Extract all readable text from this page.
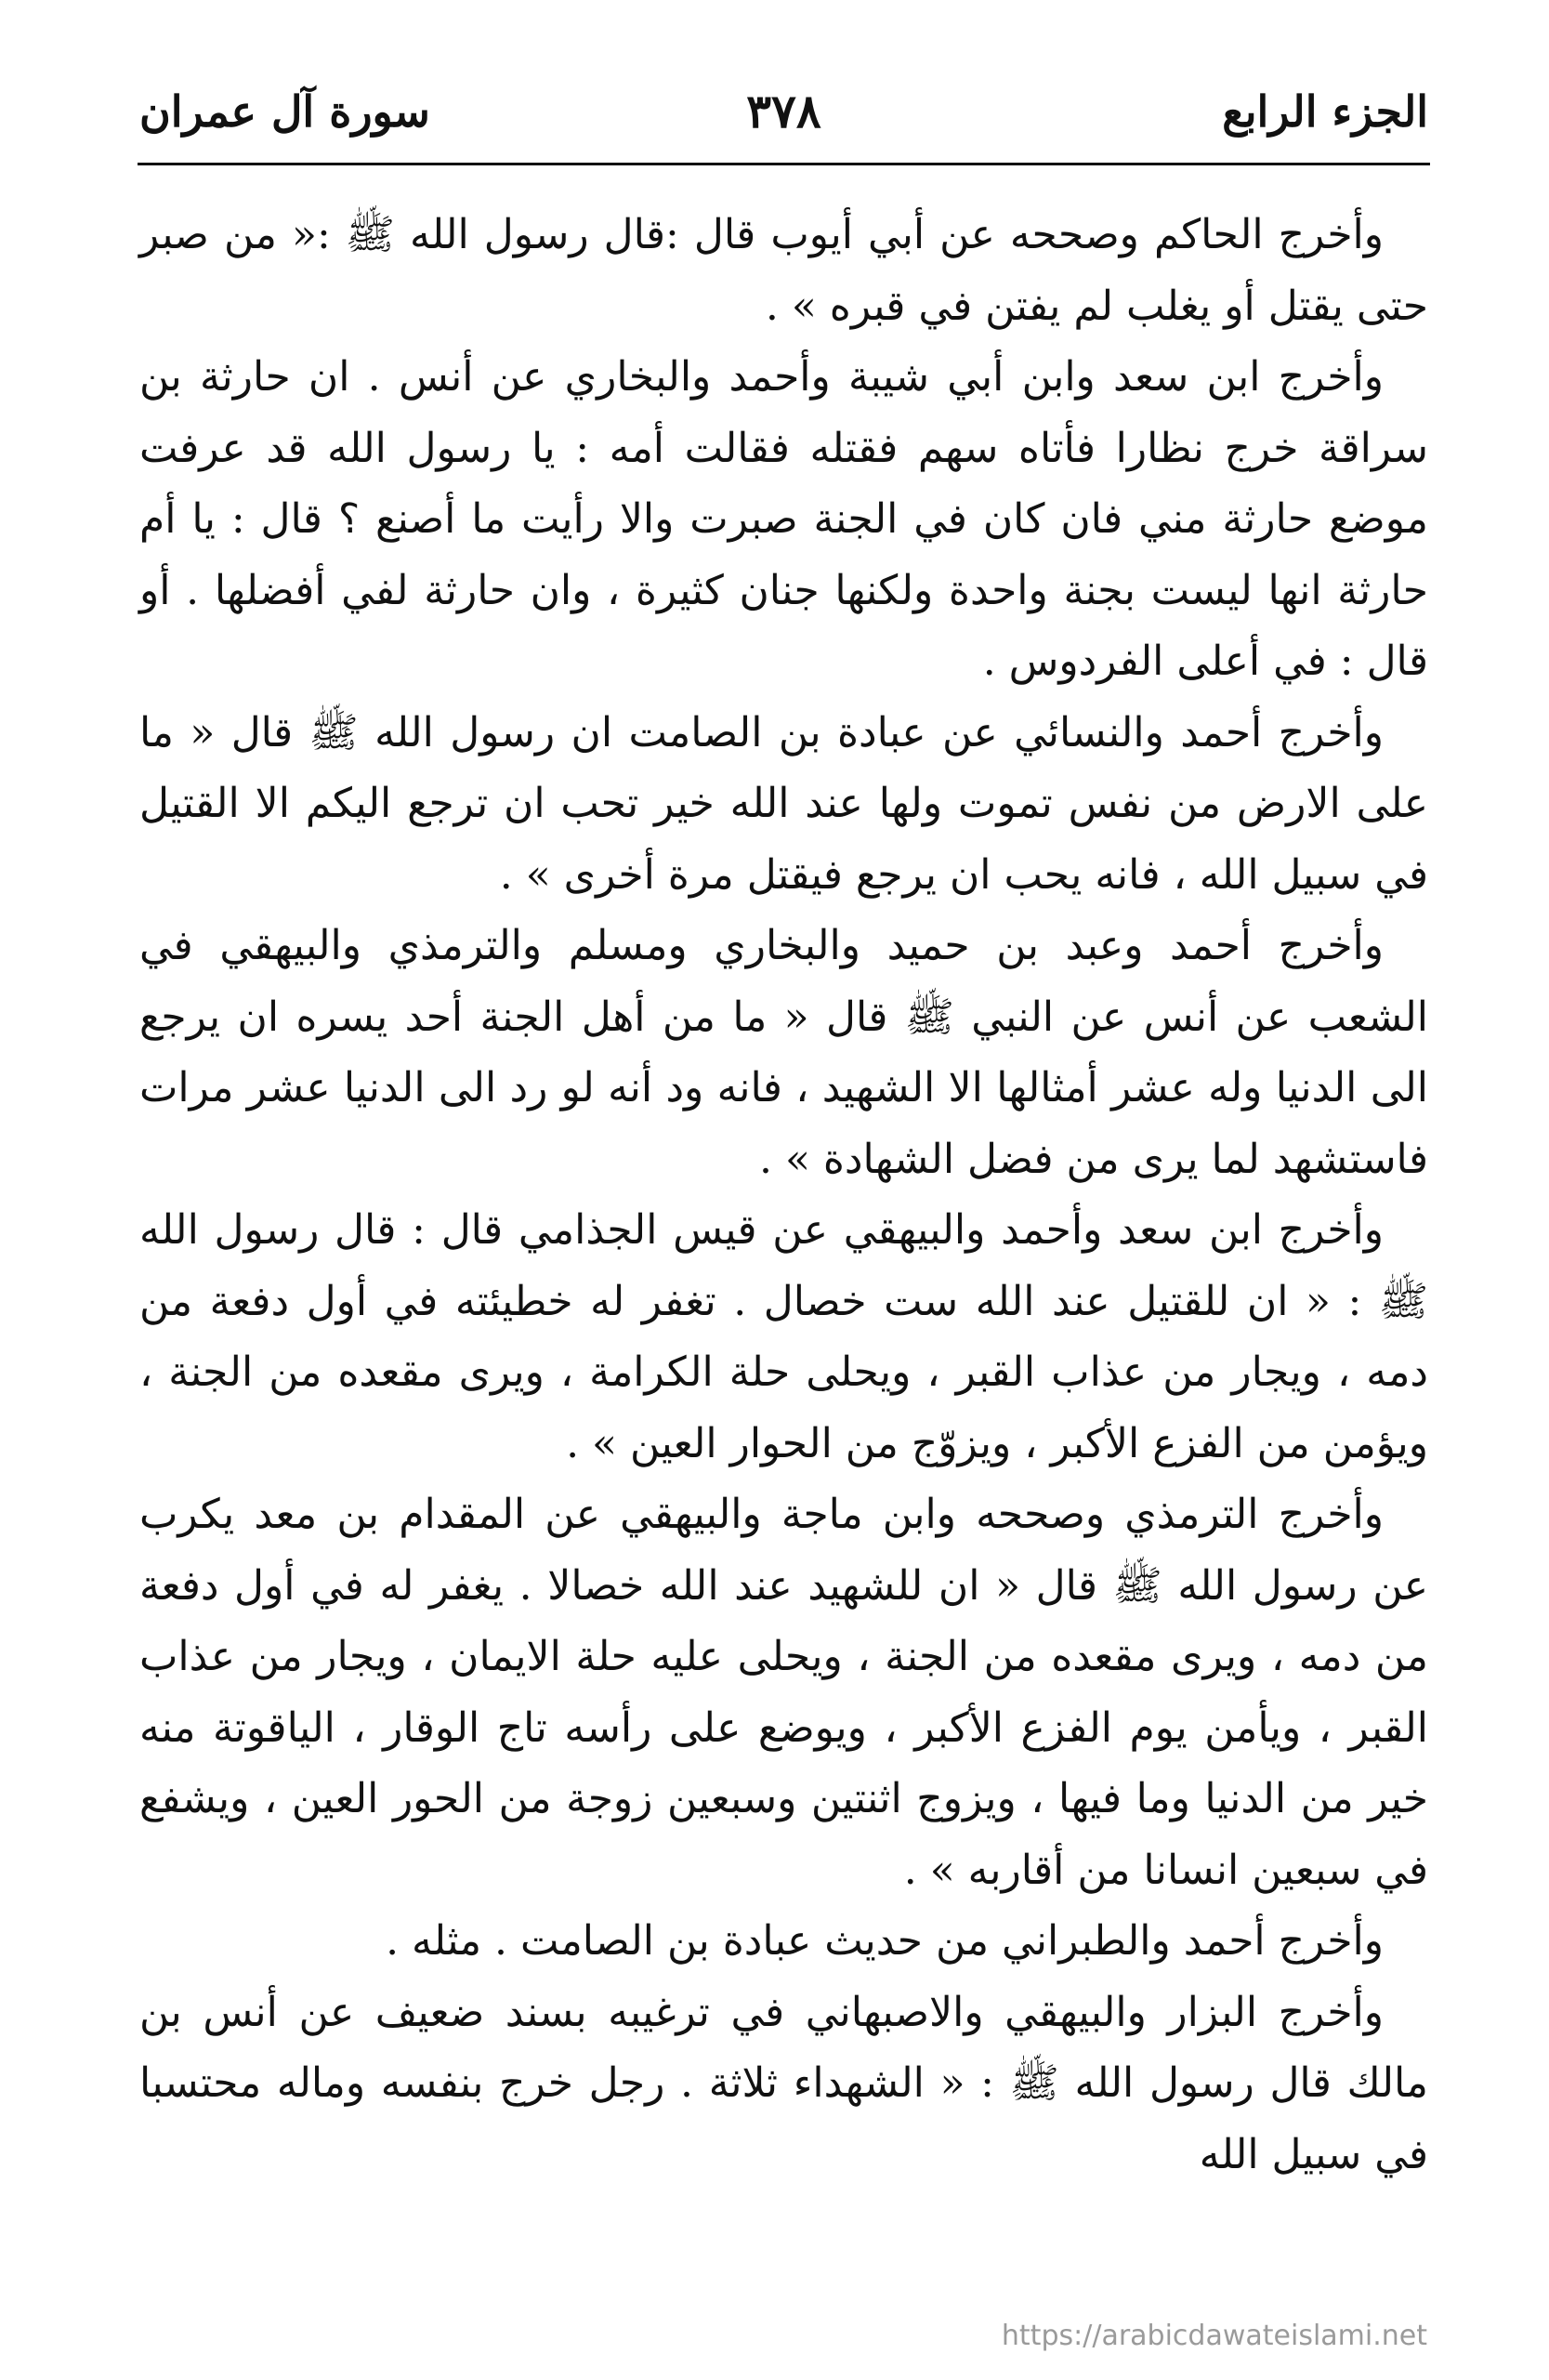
الجزء الرابع
٣٧٨
سورة آل عمران

وأخرج الحاكم وصححه عن أبي أيوب قال :قال رسول الله ﷺ :« من صبر حتى يقتل أو يغلب لم يفتن في قبره » .

وأخرج ابن سعد وابن أبي شيبة وأحمد والبخاري عن أنس . ان حارثة بن سراقة خرج نظارا فأتاه سهم فقتله فقالت أمه : يا رسول الله قد عرفت موضع حارثة مني فان كان في الجنة صبرت والا رأيت ما أصنع ؟ قال : يا أم حارثة انها ليست بجنة واحدة ولكنها جنان كثيرة ، وان حارثة لفي أفضلها . أو قال : في أعلى الفردوس .

وأخرج أحمد والنسائي عن عبادة بن الصامت ان رسول الله ﷺ قال « ما على الارض من نفس تموت ولها عند الله خير تحب ان ترجع اليكم الا القتيل في سبيل الله ، فانه يحب ان يرجع فيقتل مرة أخرى » .

وأخرج أحمد وعبد بن حميد والبخاري ومسلم والترمذي والبيهقي في الشعب عن أنس عن النبي ﷺ قال « ما من أهل الجنة أحد يسره ان يرجع الى الدنيا وله عشر أمثالها الا الشهيد ، فانه ود أنه لو رد الى الدنيا عشر مرات فاستشهد لما يرى من فضل الشهادة » .

وأخرج ابن سعد وأحمد والبيهقي عن قيس الجذامي قال : قال رسول الله ﷺ : « ان للقتيل عند الله ست خصال . تغفر له خطيئته في أول دفعة من دمه ، ويجار من عذاب القبر ، ويحلى حلة الكرامة ، ويرى مقعده من الجنة ، ويؤمن من الفزع الأكبر ، ويزوّج من الحوار العين » .

وأخرج الترمذي وصححه وابن ماجة والبيهقي عن المقدام بن معد يكرب عن رسول الله ﷺ قال « ان للشهيد عند الله خصالا . يغفر له في أول دفعة من دمه ، ويرى مقعده من الجنة ، ويحلى عليه حلة الايمان ، ويجار من عذاب القبر ، ويأمن يوم الفزع الأكبر ، ويوضع على رأسه تاج الوقار ، الياقوتة منه خير من الدنيا وما فيها ، ويزوج اثنتين وسبعين زوجة من الحور العين ، ويشفع في سبعين انسانا من أقاربه » .

وأخرج أحمد والطبراني من حديث عبادة بن الصامت . مثله .

وأخرج البزار والبيهقي والاصبهاني في ترغيبه بسند ضعيف عن أنس بن مالك قال رسول الله ﷺ : « الشهداء ثلاثة . رجل خرج بنفسه وماله محتسبا في سبيل الله

https://arabicdawateislami.net
